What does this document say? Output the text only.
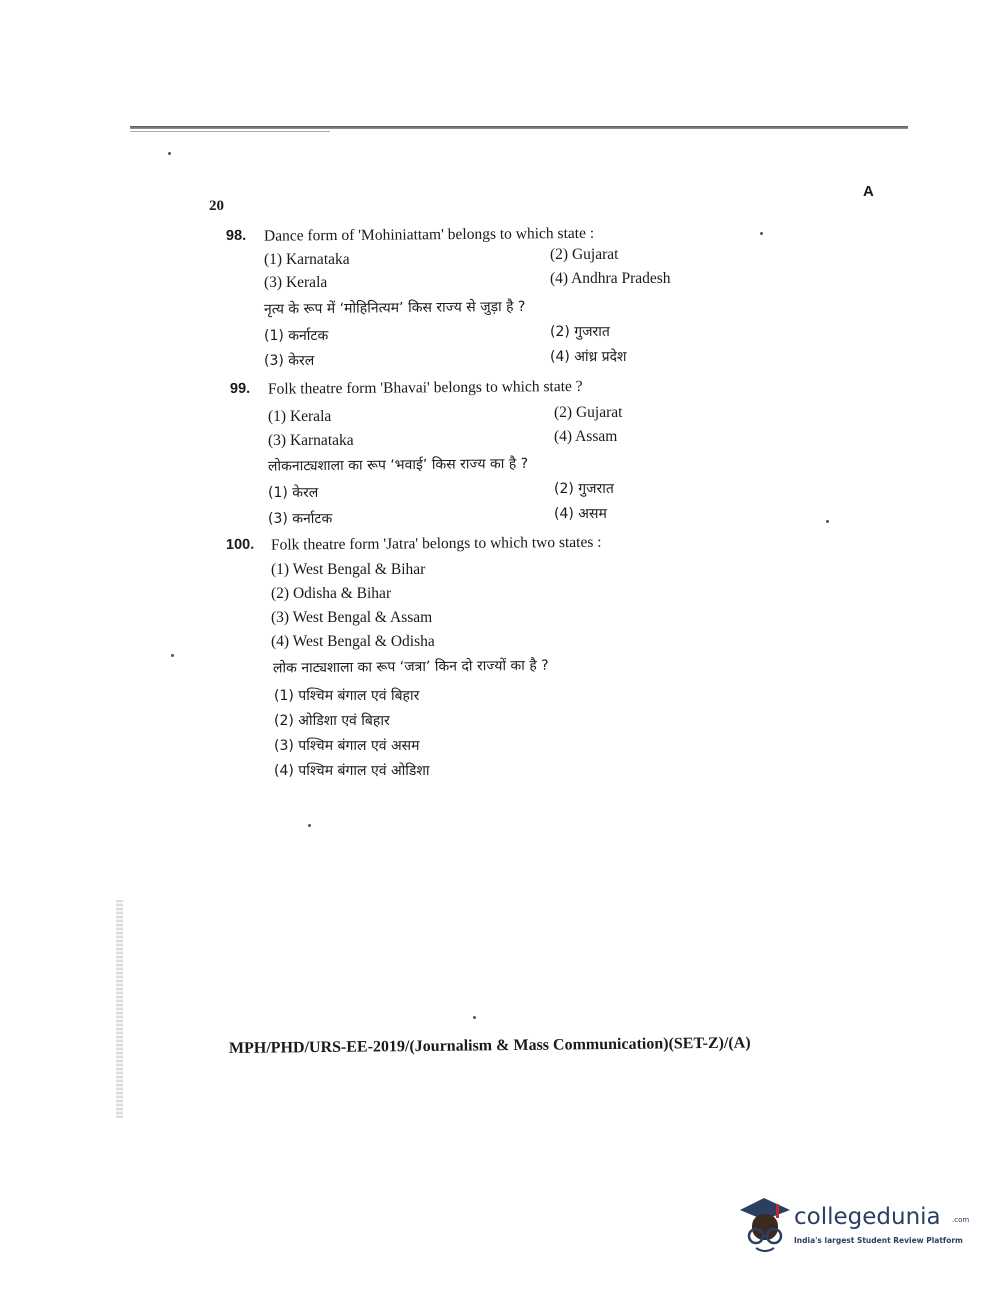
20
A
98.	Dance form of 'Mohiniattam' belongs to which state :
(1) Karnataka	(2) Gujarat
(3) Kerala	(4) Andhra Pradesh
नृत्य के रूप में ‘मोहिनित्यम’ किस राज्य से जुड़ा है ?
(1) कर्नाटक	(2) गुजरात
(3) केरल	(4) आंध्र प्रदेश
99.	Folk theatre form 'Bhavai' belongs to which state ?
(1) Kerala	(2) Gujarat
(3) Karnataka	(4) Assam
लोकनाट्यशाला का रूप ‘भवाई’ किस राज्य का है ?
(1) केरल	(2) गुजरात
(3) कर्नाटक	(4) असम
100.	Folk theatre form 'Jatra' belongs to which two states :
(1) West Bengal & Bihar
(2) Odisha & Bihar
(3) West Bengal & Assam
(4) West Bengal & Odisha
लोक नाट्यशाला का रूप ‘जत्रा’ किन दो राज्यों का है ?
(1) पश्चिम बंगाल एवं बिहार
(2) ओडिशा एवं बिहार
(3) पश्चिम बंगाल एवं असम
(4) पश्चिम बंगाल एवं ओडिशा
MPH/PHD/URS-EE-2019/(Journalism & Mass Communication)(SET-Z)/(A)
collegedunia .com
India's largest Student Review Platform
